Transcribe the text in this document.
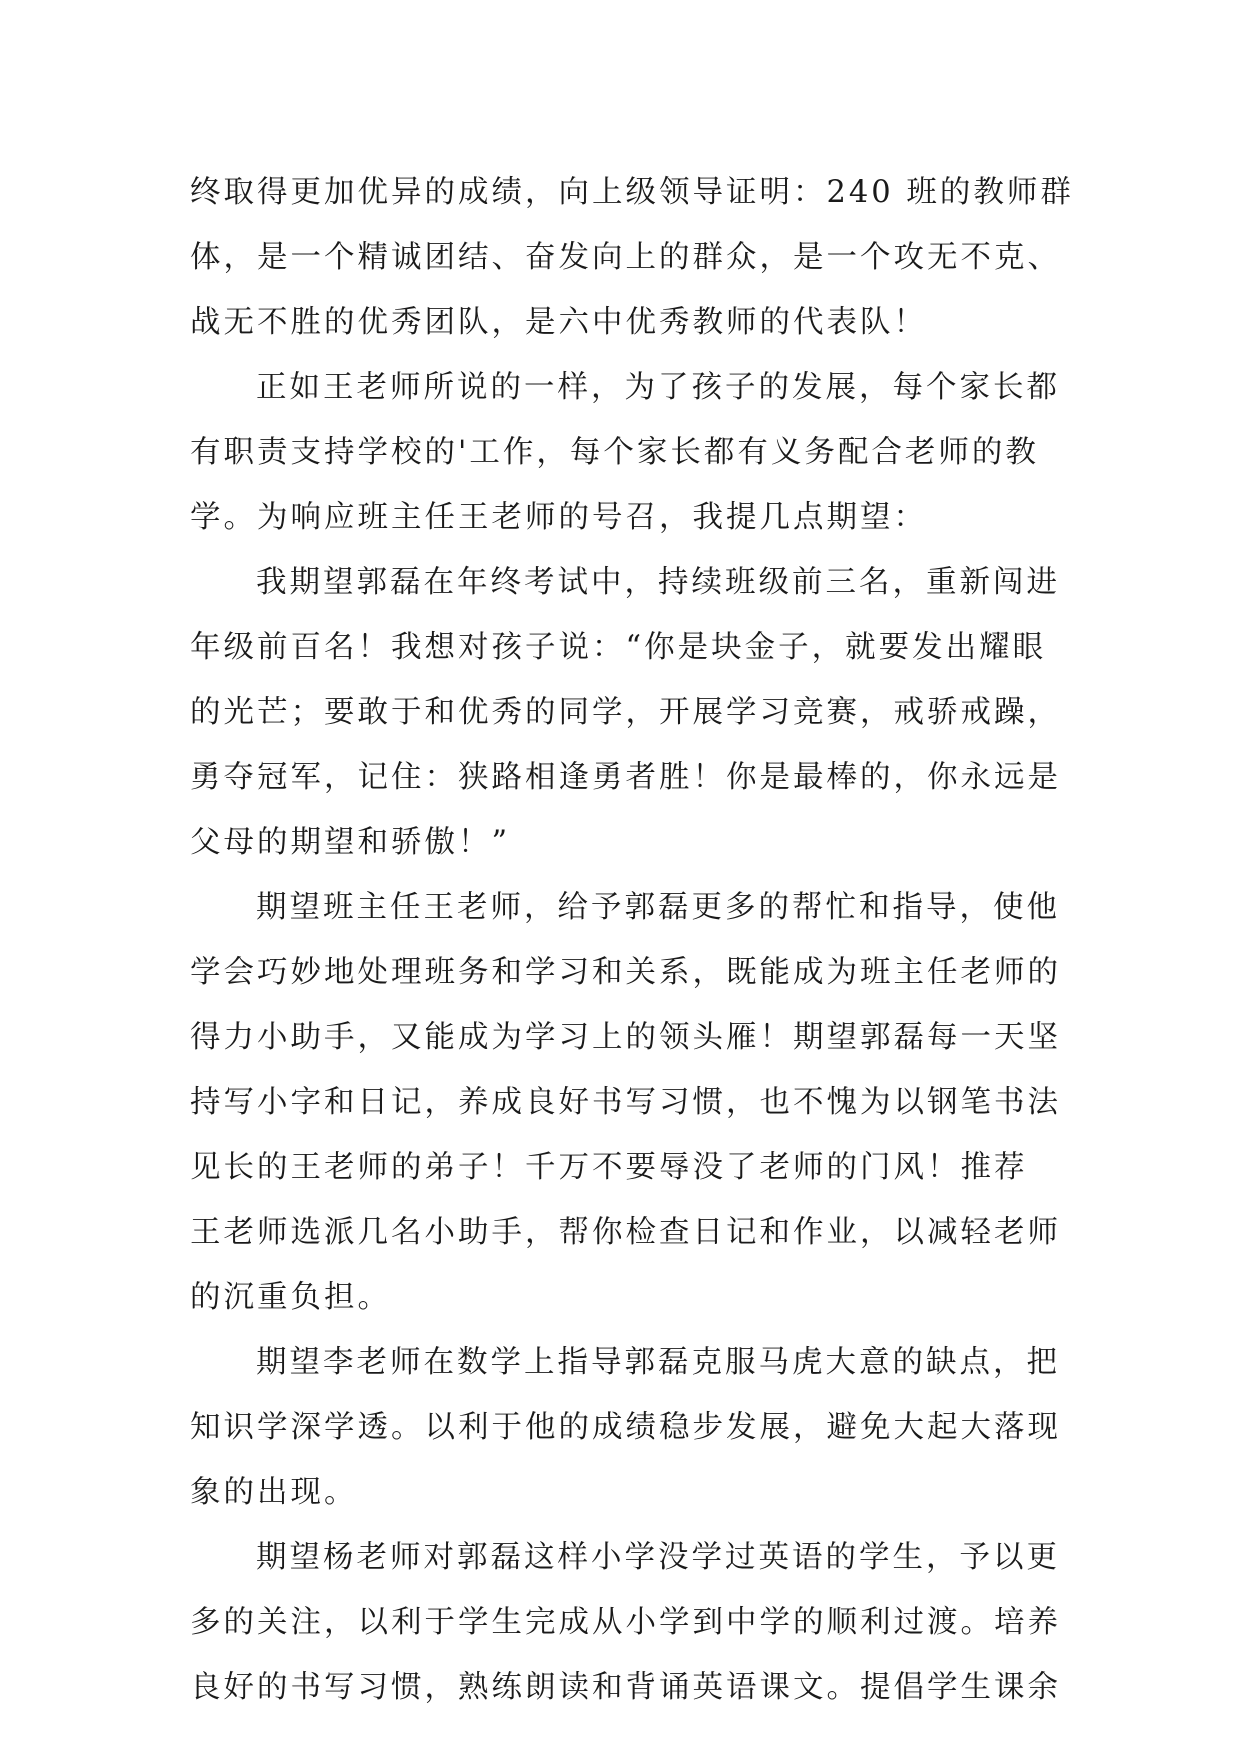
终取得更加优异的成绩，向上级领导证明：240 班的教师群
体，是一个精诚团结、奋发向上的群众，是一个攻无不克、
战无不胜的优秀团队，是六中优秀教师的代表队！
正如王老师所说的一样，为了孩子的发展，每个家长都
有职责支持学校的'工作，每个家长都有义务配合老师的教
学。为响应班主任王老师的号召，我提几点期望：
我期望郭磊在年终考试中，持续班级前三名，重新闯进
年级前百名！我想对孩子说：“你是块金子，就要发出耀眼
的光芒；要敢于和优秀的同学，开展学习竞赛，戒骄戒躁，
勇夺冠军，记住：狭路相逢勇者胜！你是最棒的，你永远是
父母的期望和骄傲！”
期望班主任王老师，给予郭磊更多的帮忙和指导，使他
学会巧妙地处理班务和学习和关系，既能成为班主任老师的
得力小助手，又能成为学习上的领头雁！期望郭磊每一天坚
持写小字和日记，养成良好书写习惯，也不愧为以钢笔书法
见长的王老师的弟子！千万不要辱没了老师的门风！推荐
王老师选派几名小助手，帮你检查日记和作业，以减轻老师
的沉重负担。
期望李老师在数学上指导郭磊克服马虎大意的缺点，把
知识学深学透。以利于他的成绩稳步发展，避免大起大落现
象的出现。
期望杨老师对郭磊这样小学没学过英语的学生，予以更
多的关注，以利于学生完成从小学到中学的顺利过渡。培养
良好的书写习惯，熟练朗读和背诵英语课文。提倡学生课余
